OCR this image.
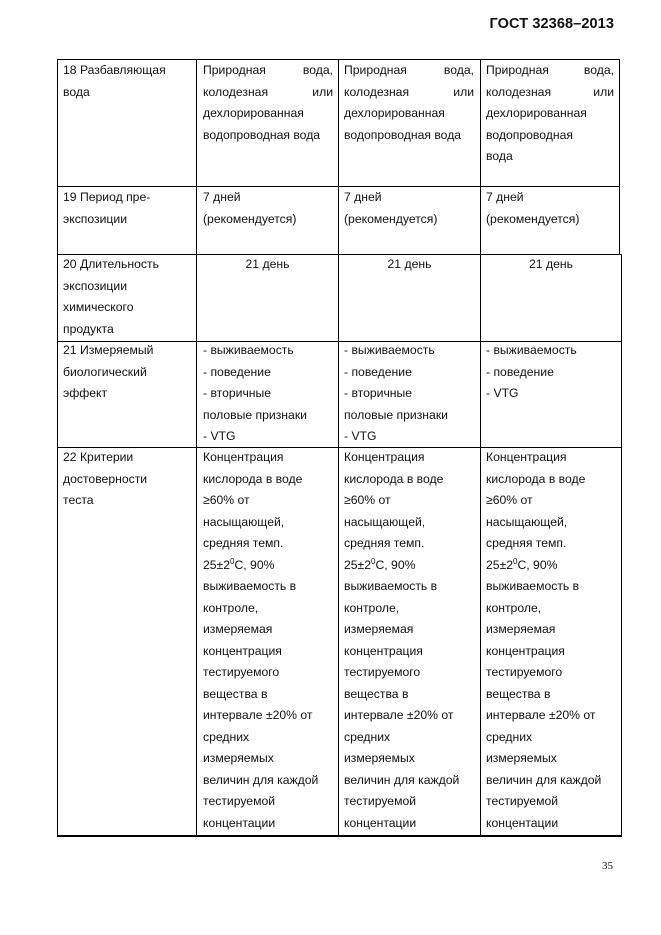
ГОСТ 32368–2013
18 Разбавляющая
вода
Природная вода,
колодезная или
дехлорированная
водопроводная вода
Природная вода,
колодезная или
дехлорированная
водопроводная вода
Природная вода,
колодезная или
дехлорированная
водопроводная
вода
19 Период пре-
экспозиции
7 дней
(рекомендуется)
7 дней
(рекомендуется)
7 дней
(рекомендуется)
20 Длительность
экспозиции
химического
продукта
21 день	21 день	21 день
21 Измеряемый
биологический
эффект
- выживаемость
- поведение
- вторичные
половые признаки
- VTG
- выживаемость
- поведение
- вторичные
половые признаки
- VTG
- выживаемость
- поведение
- VTG
22 Критерии
достоверности
теста
Концентрация
кислорода в воде
≥60% от
насыщающей,
средняя темп.
$25\pm 2^0С$, 90%
выживаемость в
контроле,
измеряемая
концентрация
тестируемого
вещества в
интервале ±20% от
средних
измеряемых
величин для каждой
тестируемой
концентации
Концентрация
кислорода в воде
≥60% от
насыщающей,
средняя темп.
$25\pm 2^0С$, 90%
выживаемость в
контроле,
измеряемая
концентрация
тестируемого
вещества в
интервале ±20% от
средних
измеряемых
величин для каждой
тестируемой
концентации
Концентрация
кислорода в воде
≥60% от
насыщающей,
средняя темп.
$25\pm 2^0С$, 90%
выживаемость в
контроле,
измеряемая
концентрация
тестируемого
вещества в
интервале ±20% от
средних
измеряемых
величин для каждой
тестируемой
концентации
35
